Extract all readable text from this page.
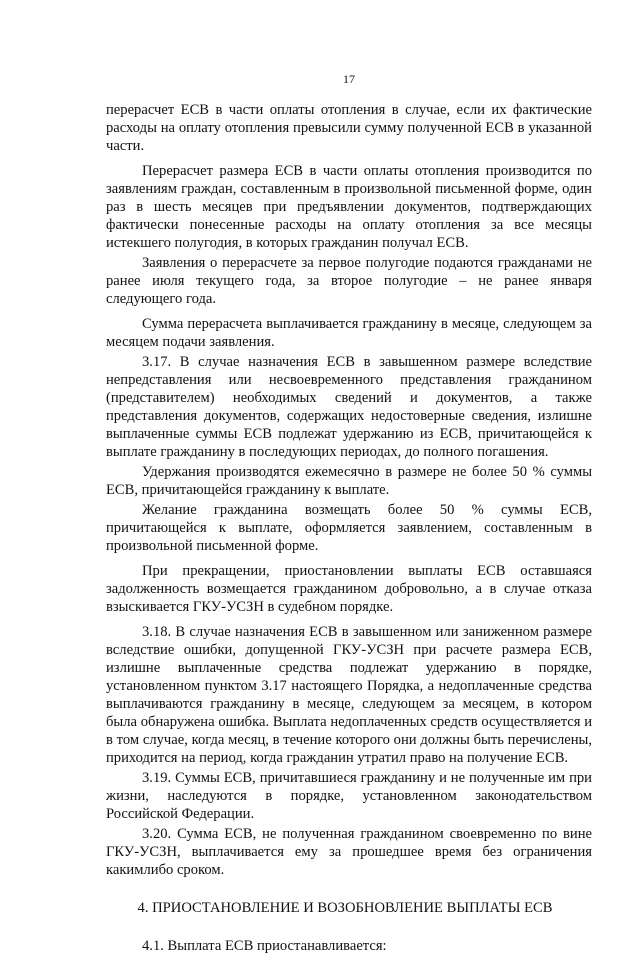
17

перерасчет ЕСВ в части оплаты отопления в случае, если их фактические расходы на оплату отопления превысили сумму полученной ЕСВ в указанной части.

Перерасчет размера ЕСВ в части оплаты отопления производится по заявлениям граждан, составленным в произвольной письменной форме, один раз в шесть месяцев при предъявлении документов, подтверждающих фактически понесенные расходы на оплату отопления за все месяцы истекшего полугодия, в которых гражданин получал ЕСВ.

Заявления о перерасчете за первое полугодие подаются гражданами не ранее июля текущего года, за второе полугодие – не ранее января следующего года.

Сумма перерасчета выплачивается гражданину в месяце, следующем за месяцем подачи заявления.

3.17. В случае назначения ЕСВ в завышенном размере вследствие непредставления или несвоевременного представления гражданином (представителем) необходимых сведений и документов, а также представления документов, содержащих недостоверные сведения, излишне выплаченные суммы ЕСВ подлежат удержанию из ЕСВ, причитающейся к выплате гражданину в последующих периодах, до полного погашения.

Удержания производятся ежемесячно в размере не более 50 % суммы ЕСВ, причитающейся гражданину к выплате.

Желание гражданина возмещать более 50 % суммы ЕСВ, причитающейся к выплате, оформляется заявлением, составленным в произвольной письменной форме.

При прекращении, приостановлении выплаты ЕСВ оставшаяся задолженность возмещается гражданином добровольно, а в случае отказа взыскивается ГКУ-УСЗН в судебном порядке.

3.18. В случае назначения ЕСВ в завышенном или заниженном размере вследствие ошибки, допущенной ГКУ-УСЗН при расчете размера ЕСВ, излишне выплаченные средства подлежат удержанию в порядке, установленном пунктом 3.17 настоящего Порядка, а недоплаченные средства выплачиваются гражданину в месяце, следующем за месяцем, в котором была обнаружена ошибка. Выплата недоплаченных средств осуществляется и в том случае, когда месяц, в течение которого они должны быть перечислены, приходится на период, когда гражданин утратил право на получение ЕСВ.

3.19. Суммы ЕСВ, причитавшиеся гражданину и не полученные им при жизни, наследуются в порядке, установленном законодательством Российской Федерации.

3.20. Сумма ЕСВ, не полученная гражданином своевременно по вине ГКУ-УСЗН, выплачивается ему за прошедшее время без ограничения какимлибо сроком.

4. ПРИОСТАНОВЛЕНИЕ И ВОЗОБНОВЛЕНИЕ ВЫПЛАТЫ ЕСВ
4.1. Выплата ЕСВ приостанавливается:
